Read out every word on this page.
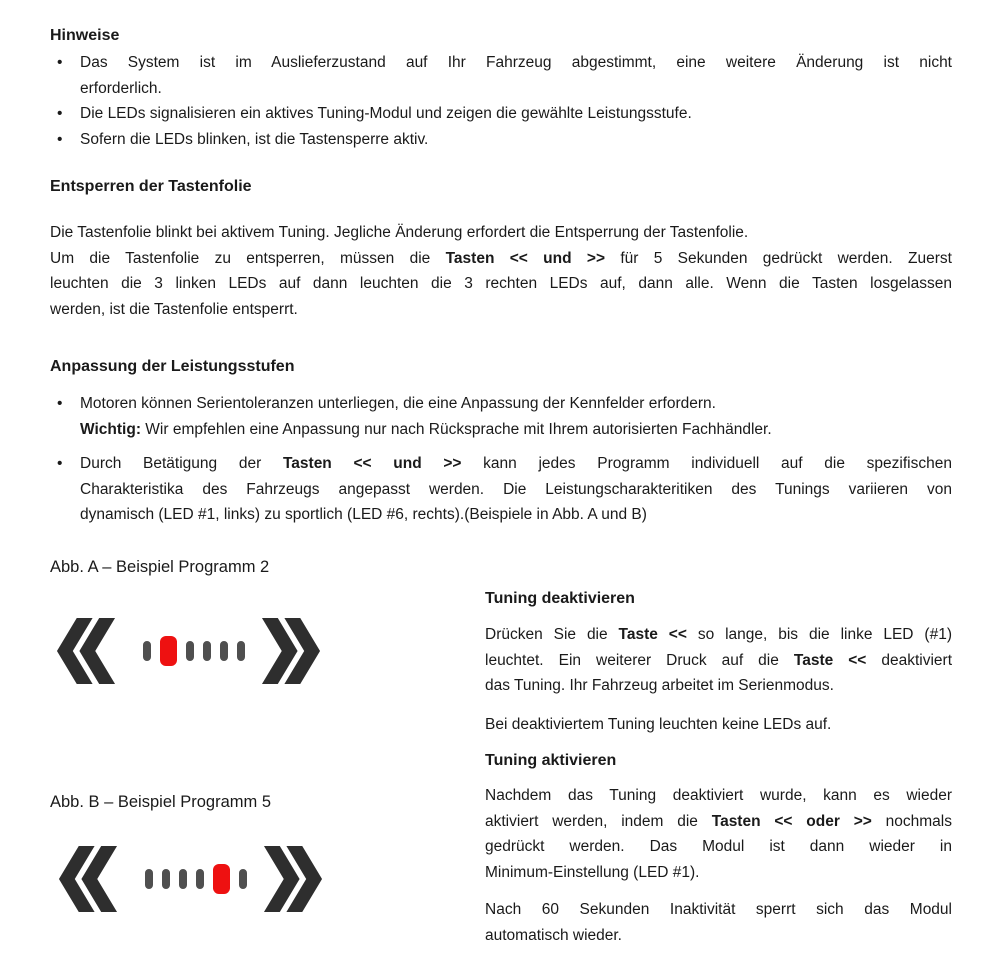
Hinweise
• Das System ist im Auslieferzustand auf Ihr Fahrzeug abgestimmt, eine weitere Änderung ist nicht
erforderlich.
• Die LEDs signalisieren ein aktives Tuning-Modul und zeigen die gewählte Leistungsstufe.
• Sofern die LEDs blinken, ist die Tastensperre aktiv.
Entsperren der Tastenfolie
Die Tastenfolie blinkt bei aktivem Tuning. Jegliche Änderung erfordert die Entsperrung der Tastenfolie.
Um die Tastenfolie zu entsperren, müssen die Tasten << und >> für 5 Sekunden gedrückt werden. Zuerst
leuchten die 3 linken LEDs auf dann leuchten die 3 rechten LEDs auf, dann alle. Wenn die Tasten losgelassen
werden, ist die Tastenfolie entsperrt.
Anpassung der Leistungsstufen
• Motoren können Serientoleranzen unterliegen, die eine Anpassung der Kennfelder erfordern.
Wichtig: Wir empfehlen eine Anpassung nur nach Rücksprache mit Ihrem autorisierten Fachhändler.
• Durch Betätigung der Tasten << und >> kann jedes Programm individuell auf die spezifischen
Charakteristika des Fahrzeugs angepasst werden. Die Leistungscharakteritiken des Tunings variieren von
dynamisch (LED #1, links) zu sportlich (LED #6, rechts).(Beispiele in Abb. A und B)
Abb. A – Beispiel Programm 2
Abb. B – Beispiel Programm 5
Tuning deaktivieren
Drücken Sie die Taste << so lange, bis die linke LED (#1)
leuchtet. Ein weiterer Druck auf die Taste << deaktiviert
das Tuning. Ihr Fahrzeug arbeitet im Serienmodus.
Bei deaktiviertem Tuning leuchten keine LEDs auf.
Tuning aktivieren
Nachdem das Tuning deaktiviert wurde, kann es wieder
aktiviert werden, indem die Tasten << oder >> nochmals
gedrückt werden. Das Modul ist dann wieder in
Minimum-Einstellung (LED #1).
Nach 60 Sekunden Inaktivität sperrt sich das Modul
automatisch wieder.
